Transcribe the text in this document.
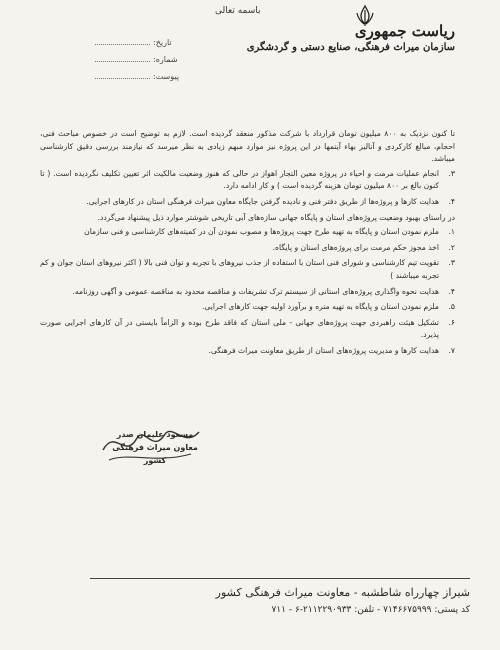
باسمه تعالی
ریاست جمهوری
سازمان میراث فرهنگی، صنایع دستی و گردشگری
تاریخ:
شماره:
پیوست:

تا کنون نزدیک به ۸۰۰ میلیون تومان قرارداد با شرکت مذکور منعقد گردیده است. لازم به توضیح است در خصوص مباحث فنی، احجام، مبالغ کارکردی و آنالیز بهاء آیتمها در این پروژه نیز موارد مبهم زیادی به نظر میرسد که نیازمند بررسی دقیق کارشناسی میباشد.

۳.
انجام عملیات مرمت و احیاء در پروژه معین التجار اهواز در حالی که هنوز وضعیت مالکیت اثر تعیین تکلیف نگردیده است. ( تا کنون بالغ بر ۸۰۰ میلیون تومان هزینه گردیده است ) و کار ادامه دارد.
۴.
هدایت کارها و پروژه‌ها از طریق دفتر فنی و نادیده گرفتن جایگاه معاون میراث فرهنگی استان در کارهای اجرایی.

در راستای بهبود وضعیت پروژه‌های استان و پایگاه جهانی سازه‌های آبی تاریخی شوشتر موارد ذیل پیشنهاد می‌گردد.

۱.
ملزم نمودن استان و پایگاه به تهیه طرح جهت پروژه‌ها و مصوب نمودن آن در کمیته‌های کارشناسی و فنی سازمان
۲.
اخذ مجوز حکم مرمت برای پروژه‌های استان و پایگاه.
۳.
تقویت تیم کارشناسی و شورای فنی استان با استفاده از جذب نیروهای با تجربه و توان فنی بالا ( اکثر نیروهای استان جوان و کم تجربه میباشند )
۴.
هدایت نحوه واگذاری پروژه‌های استانی از سیستم ترک تشریفات و مناقصه محدود به مناقصه عمومی و آگهی روزنامه.
۵.
ملزم نمودن استان و پایگاه به تهیه متره و برآورد اولیه جهت کارهای اجرایی.
۶.
تشکیل هیئت راهبردی جهت پروژه‌های جهانی - ملی استان که فاقد طرح بوده و الزاماً بایستی در آن کارهای اجرایی صورت پذیرد.
۷.
هدایت کارها و مدیریت پروژه‌های استان از طریق معاونت میراث فرهنگی.
مسعود علیمان صدر
معاون میراث فرهنگی
کشور
شیراز چهارراه شاطشبه - معاونت میراث فرهنگی کشور
کد پستی: ۷۱۴۶۶۷۵۹۹۹ - تلفن: ۲۱۱۲۲۹۰۹۳۳-۶ - ۷۱۱
